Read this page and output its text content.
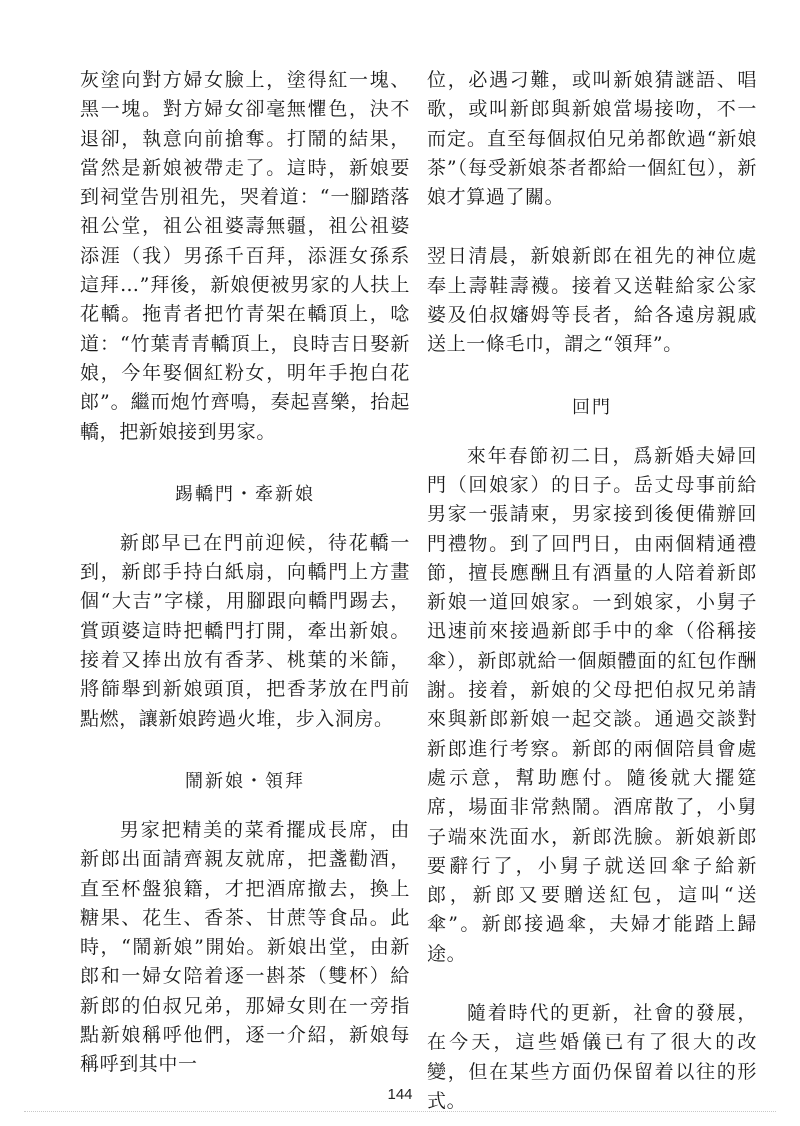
灰塗向對方婦女臉上，塗得紅一塊、黑一塊。對方婦女卻毫無懼色，決不退卻，執意向前搶奪。打鬧的結果，當然是新娘被帶走了。這時，新娘要到祠堂告別祖先，哭着道：“一腳踏落祖公堂，祖公祖婆壽無疆，祖公祖婆添涯（我）男孫千百拜，添涯女孫系這拜…”拜後，新娘便被男家的人扶上花轎。拖青者把竹青架在轎頂上，唸道：“竹葉青青轎頂上，良時吉日娶新娘，今年娶個紅粉女，明年手抱白花郎”。繼而炮竹齊鳴，奏起喜樂，抬起轎，把新娘接到男家。

踢轎門・牽新娘

新郎早已在門前迎候，待花轎一到，新郎手持白紙扇，向轎門上方畫個“大吉”字樣，用腳跟向轎門踢去，賞頭婆這時把轎門打開，牽出新娘。接着又捧出放有香茅、桃葉的米篩，將篩舉到新娘頭頂，把香茅放在門前點燃，讓新娘跨過火堆，步入洞房。

鬧新娘・領拜

男家把精美的菜肴擺成長席，由新郎出面請齊親友就席，把盞勸酒，直至杯盤狼籍，才把酒席撤去，換上糖果、花生、香茶、甘蔗等食品。此時，“鬧新娘”開始。新娘出堂，由新郎和一婦女陪着逐一斟茶（雙杯）給新郎的伯叔兄弟，那婦女則在一旁指點新娘稱呼他們，逐一介紹，新娘每稱呼到其中一

位，必遇刁難，或叫新娘猜謎語、唱歌，或叫新郎與新娘當場接吻，不一而定。直至每個叔伯兄弟都飲過“新娘茶”（每受新娘茶者都給一個紅包），新娘才算過了關。

翌日清晨，新娘新郎在祖先的神位處奉上壽鞋壽襪。接着又送鞋給家公家婆及伯叔嬸姆等長者，給各遠房親戚送上一條毛巾，謂之“領拜”。

回門

來年春節初二日，爲新婚夫婦回門（回娘家）的日子。岳丈母事前給男家一張請柬，男家接到後便備辦回門禮物。到了回門日，由兩個精通禮節，擅長應酬且有酒量的人陪着新郎新娘一道回娘家。一到娘家，小舅子迅速前來接過新郎手中的傘（俗稱接傘），新郎就給一個頗體面的紅包作酬謝。接着，新娘的父母把伯叔兄弟請來與新郎新娘一起交談。通過交談對新郎進行考察。新郎的兩個陪員會處處示意，幫助應付。隨後就大擺筵席，場面非常熱鬧。酒席散了，小舅子端來洗面水，新郎洗臉。新娘新郎要辭行了，小舅子就送回傘子給新郎，新郎又要贈送紅包，這叫“送傘”。新郎接過傘，夫婦才能踏上歸途。

隨着時代的更新，社會的發展，在今天，這些婚儀已有了很大的改變，但在某些方面仍保留着以往的形式。

144
